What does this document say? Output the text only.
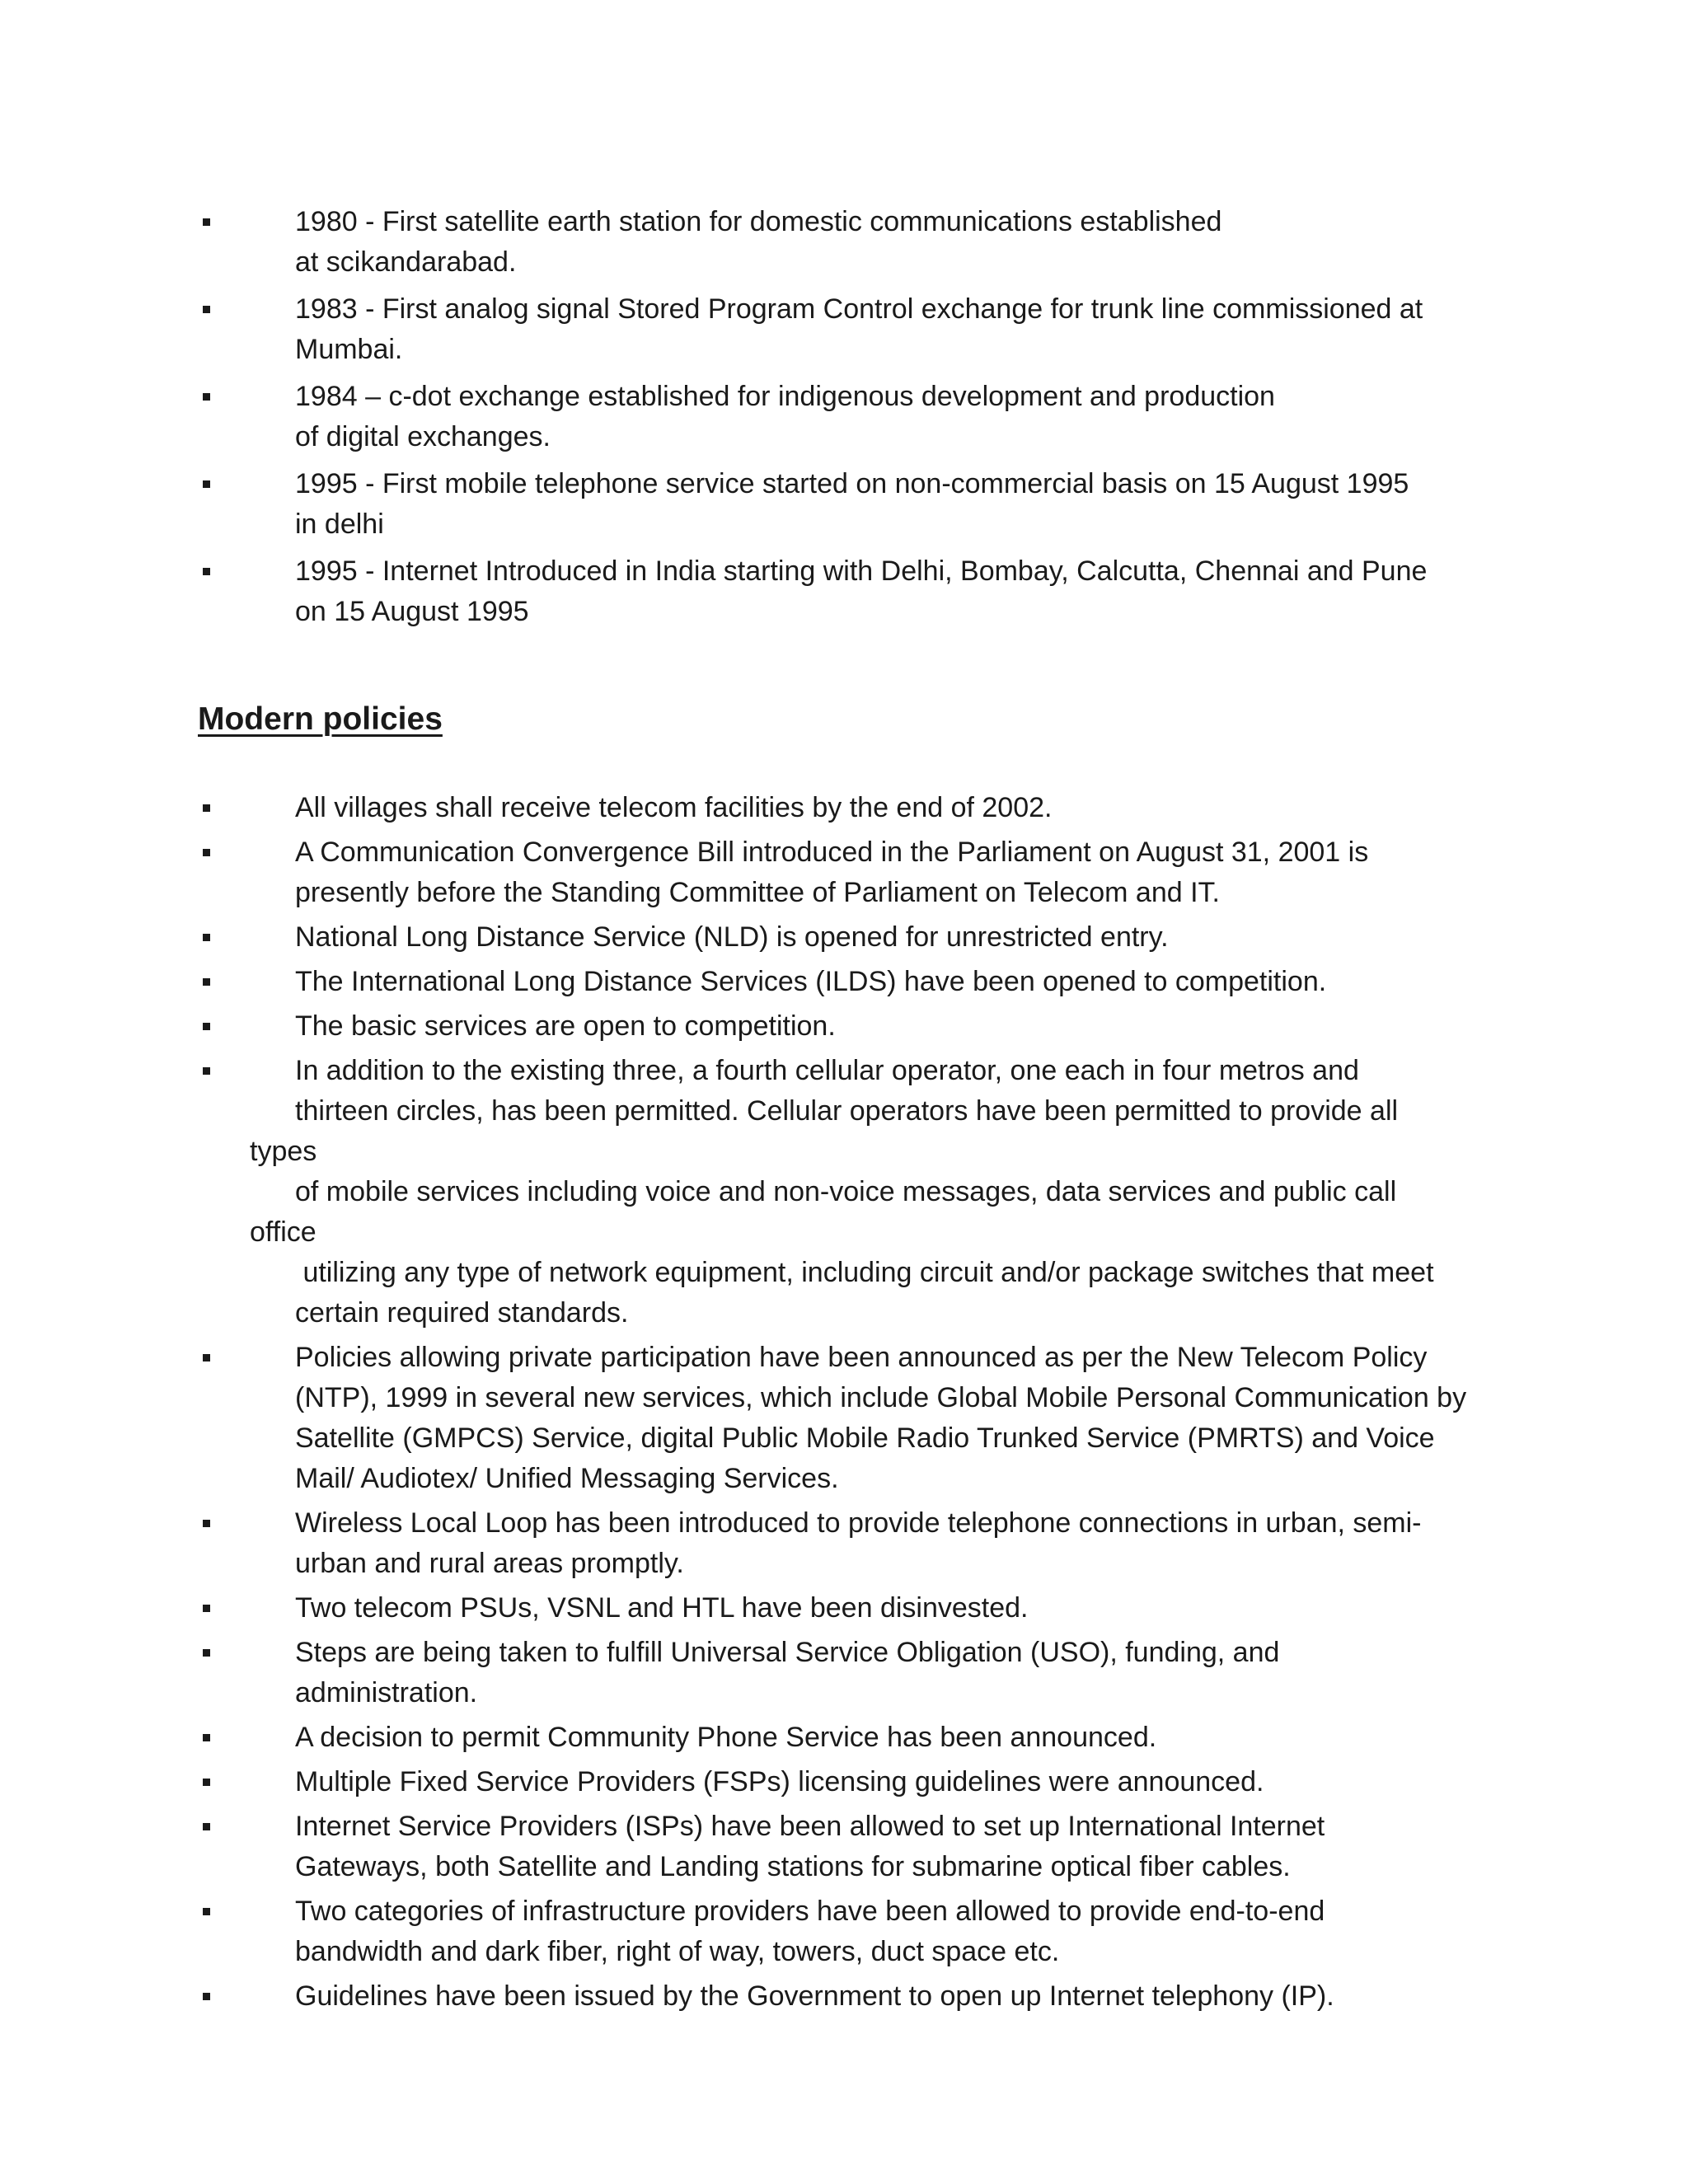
1980 - First satellite earth station for domestic communications established
at scikandarabad.
1983 - First analog signal Stored Program Control exchange for trunk line commissioned at
Mumbai.
1984 – c-dot exchange established for indigenous development and production
of digital exchanges.
1995 - First mobile telephone service started on non-commercial basis on 15 August 1995
in delhi
1995 - Internet Introduced in India starting with Delhi, Bombay, Calcutta, Chennai and Pune
on 15 August 1995
Modern policies
All villages shall receive telecom facilities by the end of 2002.
A Communication Convergence Bill introduced in the Parliament on August 31, 2001 is
presently before the Standing Committee of Parliament on Telecom and IT.
National Long Distance Service (NLD) is opened for unrestricted entry.
The International Long Distance Services (ILDS) have been opened to competition.
The basic services are open to competition.
In addition to the existing three, a fourth cellular operator, one each in four metros and
thirteen circles, has been permitted. Cellular operators have been permitted to provide all types
of mobile services including voice and non-voice messages, data services and public call office
utilizing any type of network equipment, including circuit and/or package switches that meet
certain required standards.
Policies allowing private participation have been announced as per the New Telecom Policy
(NTP), 1999 in several new services, which include Global Mobile Personal Communication by
Satellite (GMPCS) Service, digital Public Mobile Radio Trunked Service (PMRTS) and Voice
Mail/ Audiotex/ Unified Messaging Services.
Wireless Local Loop has been introduced to provide telephone connections in urban, semi-
urban and rural areas promptly.
Two telecom PSUs, VSNL and HTL have been disinvested.
Steps are being taken to fulfill Universal Service Obligation (USO), funding, and
administration.
A decision to permit Community Phone Service has been announced.
Multiple Fixed Service Providers (FSPs) licensing guidelines were announced.
Internet Service Providers (ISPs) have been allowed to set up International Internet
Gateways, both Satellite and Landing stations for submarine optical fiber cables.
Two categories of infrastructure providers have been allowed to provide end-to-end
bandwidth and dark fiber, right of way, towers, duct space etc.
Guidelines have been issued by the Government to open up Internet telephony (IP).
